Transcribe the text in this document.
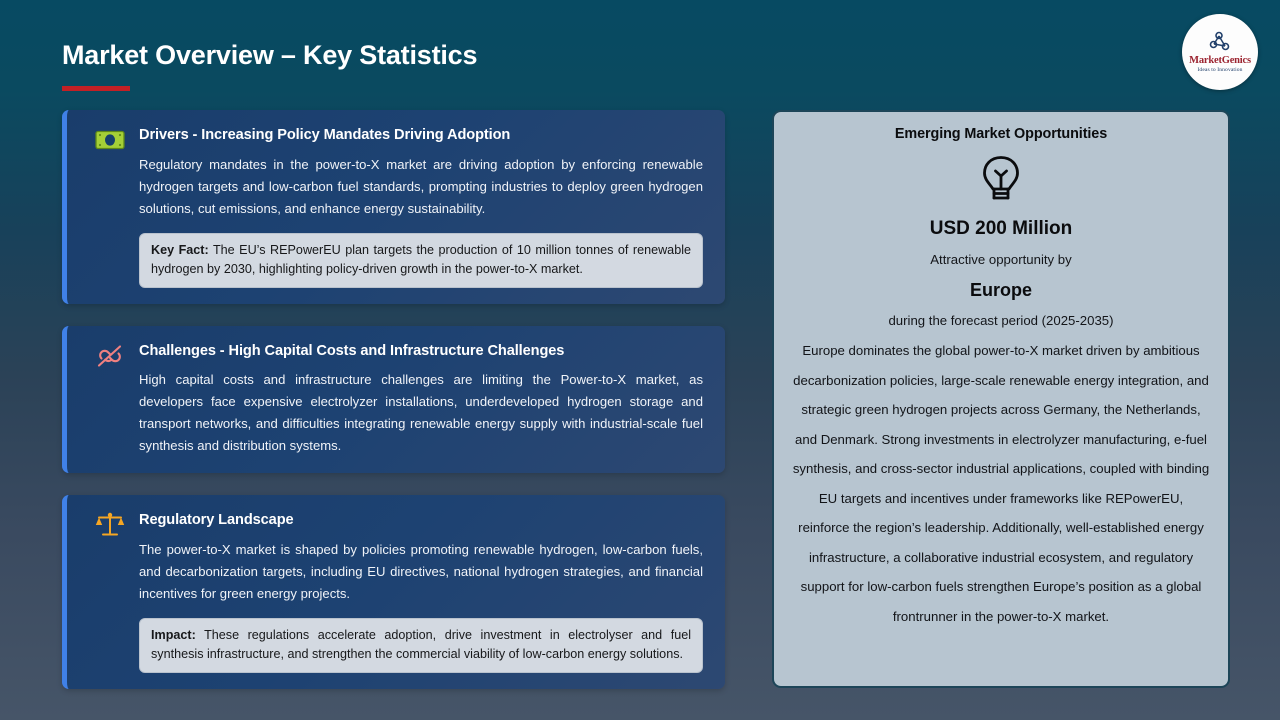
Market Overview – Key Statistics	MarketGenics
Ideas to Innovation
Drivers - Increasing Policy Mandates Driving Adoption
Regulatory mandates in the power-to-X market are driving adoption by enforcing renewable hydrogen targets and low-carbon fuel standards, prompting industries to deploy green hydrogen solutions, cut emissions, and enhance energy sustainability.
Key Fact: The EU’s REPowerEU plan targets the production of 10 million tonnes of renewable hydrogen by 2030, highlighting policy-driven growth in the power-to-X market.
Challenges - High Capital Costs and Infrastructure Challenges
High capital costs and infrastructure challenges are limiting the Power-to-X market, as developers face expensive electrolyzer installations, underdeveloped hydrogen storage and transport networks, and difficulties integrating renewable energy supply with industrial-scale fuel synthesis and distribution systems.
Regulatory Landscape
The power-to-X market is shaped by policies promoting renewable hydrogen, low-carbon fuels, and decarbonization targets, including EU directives, national hydrogen strategies, and financial incentives for green energy projects.
Impact: These regulations accelerate adoption, drive investment in electrolyser and fuel synthesis infrastructure, and strengthen the commercial viability of low-carbon energy solutions.
Emerging Market Opportunities
USD 200 Million
Attractive opportunity by
Europe
during the forecast period (2025-2035)
Europe dominates the global power-to-X market driven by ambitious decarbonization policies, large-scale renewable energy integration, and strategic green hydrogen projects across Germany, the Netherlands, and Denmark. Strong investments in electrolyzer manufacturing, e-fuel synthesis, and cross-sector industrial applications, coupled with binding EU targets and incentives under frameworks like REPowerEU, reinforce the region’s leadership. Additionally, well-established energy infrastructure, a collaborative industrial ecosystem, and regulatory support for low-carbon fuels strengthen Europe’s position as a global frontrunner in the power-to-X market.
